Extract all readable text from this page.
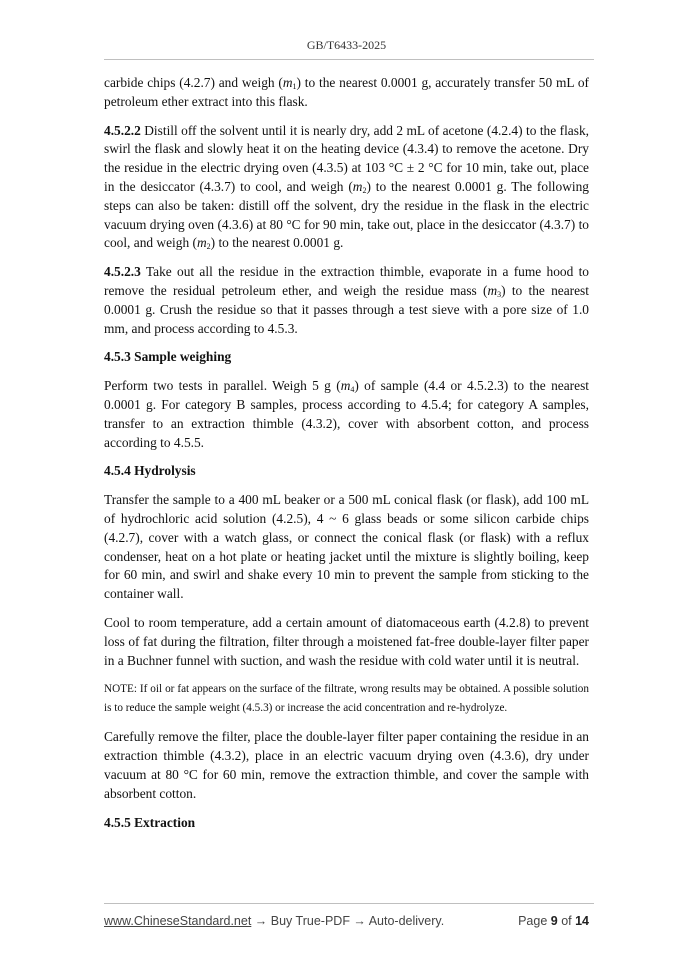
GB/T6433-2025

carbide chips (4.2.7) and weigh $(m_1)$ to the nearest 0.0001 g, accurately transfer 50 mL of petroleum ether extract into this flask.

4.5.2.2 Distill off the solvent until it is nearly dry, add 2 mL of acetone (4.2.4) to the flask, swirl the flask and slowly heat it on the heating device (4.3.4) to remove the acetone. Dry the residue in the electric drying oven (4.3.5) at 103 °C ± 2 °C for 10 min, take out, place in the desiccator (4.3.7) to cool, and weigh $(m_2)$ to the nearest 0.0001 g. The following steps can also be taken: distill off the solvent, dry the residue in the flask in the electric vacuum drying oven (4.3.6) at 80 °C for 90 min, take out, place in the desiccator (4.3.7) to cool, and weigh $(m_2)$ to the nearest 0.0001 g.

4.5.2.3 Take out all the residue in the extraction thimble, evaporate in a fume hood to remove the residual petroleum ether, and weigh the residue mass $(m_3)$ to the nearest 0.0001 g. Crush the residue so that it passes through a test sieve with a pore size of 1.0 mm, and process according to 4.5.3.

4.5.3 Sample weighing

Perform two tests in parallel. Weigh 5 g $(m_4)$ of sample (4.4 or 4.5.2.3) to the nearest 0.0001 g. For category B samples, process according to 4.5.4; for category A samples, transfer to an extraction thimble (4.3.2), cover with absorbent cotton, and process according to 4.5.5.

4.5.4 Hydrolysis

Transfer the sample to a 400 mL beaker or a 500 mL conical flask (or flask), add 100 mL of hydrochloric acid solution (4.2.5), 4 ~ 6 glass beads or some silicon carbide chips (4.2.7), cover with a watch glass, or connect the conical flask (or flask) with a reflux condenser, heat on a hot plate or heating jacket until the mixture is slightly boiling, keep for 60 min, and swirl and shake every 10 min to prevent the sample from sticking to the container wall.

Cool to room temperature, add a certain amount of diatomaceous earth (4.2.8) to prevent loss of fat during the filtration, filter through a moistened fat-free double-layer filter paper in a Buchner funnel with suction, and wash the residue with cold water until it is neutral.

NOTE: If oil or fat appears on the surface of the filtrate, wrong results may be obtained. A possible solution is to reduce the sample weight (4.5.3) or increase the acid concentration and re-hydrolyze.

Carefully remove the filter, place the double-layer filter paper containing the residue in an extraction thimble (4.3.2), place in an electric vacuum drying oven (4.3.6), dry under vacuum at 80 °C for 60 min, remove the extraction thimble, and cover the sample with absorbent cotton.

4.5.5 Extraction

www.ChineseStandard.net → Buy True-PDF → Auto-delivery.	Page 9 of 14
